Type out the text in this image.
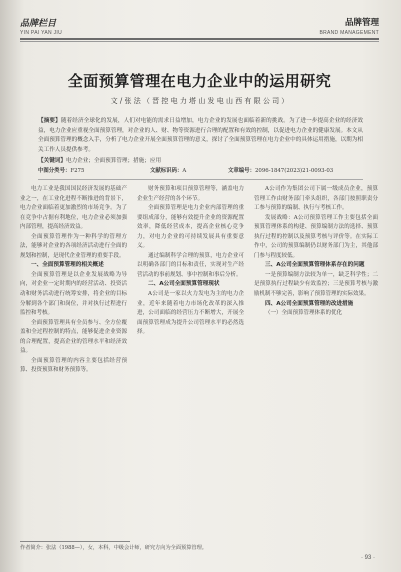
品牌栏目
YIN PAI YAN JIU
品牌管理
BRAND MANAGEMENT
全面预算管理在电力企业中的运用研究
文 / 张 法 （ 晋 控 电 力 塔 山 发 电 山 西 有 限 公 司 ）
【摘要】随着经济全球化的发展，人们对电能的需求日益增加，电力企业的发展也面临着新的挑战。为了进一步提高企业的经济效益，电力企业应重视全面预算管理，对企业的人、财、物等资源进行合理的配置和有效的控制，以促进电力企业的健康发展。本文从全面预算管理的概念入手，分析了电力企业开展全面预算管理的意义，探讨了全面预算管理在电力企业中的具体运用措施，以期为相关工作人员提供参考。
【关键词】电力企业；全面预算管理；措施；应用
中图分类号：F275	文献标识码：A	文章编号：2096-1847(2023)21-0093-03

电力工业是我国国民经济发展的基础产业之一，在工业化进程不断推进的背景下，电力企业面临着更加激烈的市场竞争。为了在竞争中占据有利地位，电力企业必须加强内部管理，提高经济效益。

全面预算管理作为一种科学的管理方法，能够对企业的各项经济活动进行全面的规划和控制，是现代企业管理的重要手段。

一、全面预算管理的相关概述

全面预算管理是以企业发展战略为导向，对企业一定时期内的经营活动、投资活动和财务活动进行统筹安排，将企业的目标分解到各个部门和岗位，并对执行过程进行监控和考核。

全面预算管理具有全员参与、全方位覆盖和全过程控制的特点，能够促进企业资源的合理配置，提高企业的管理水平和经济效益。

全面预算管理的内容主要包括经营预算、投资预算和财务预算等。

财务预算和项目预算管理等，涵盖电力企业生产经营的各个环节。

全面预算管理是电力企业内部管理的重要组成部分，能够有效提升企业的资源配置效率，降低经营成本，提高企业核心竞争力，对电力企业的可持续发展具有重要意义。

通过编制科学合理的预算，电力企业可以明确各部门的目标和责任，实现对生产经营活动的事前规划、事中控制和事后分析。

二、A公司全面预算管理现状

A公司是一家以火力发电为主的电力企业，近年来随着电力市场化改革的深入推进，公司面临的经营压力不断增大，开展全面预算管理成为提升公司管理水平的必然选择。

A公司作为集团公司下属一级成员企业，预算管理工作由财务部门牵头组织，各部门按照职责分工参与预算的编制、执行与考核工作。

发展战略：A公司预算管理工作主要包括全面预算管理体系的构建、预算编制方法的选择、预算执行过程的控制以及预算考核与评价等。在实际工作中，公司的预算编制仍以财务部门为主，其他部门参与程度较低。

三、A公司全面预算管理体系存在的问题

一是预算编制方法较为单一，缺乏科学性；二是预算执行过程缺少有效监控；三是预算考核与激励机制不够完善，影响了预算管理的实际效果。

四、A公司全面预算管理的改进措施

（一）全面预算管理体系的优化

作者简介：张法（1988—），女，本科，中级会计师，研究方向为全面预算管理。
· 93 ·
